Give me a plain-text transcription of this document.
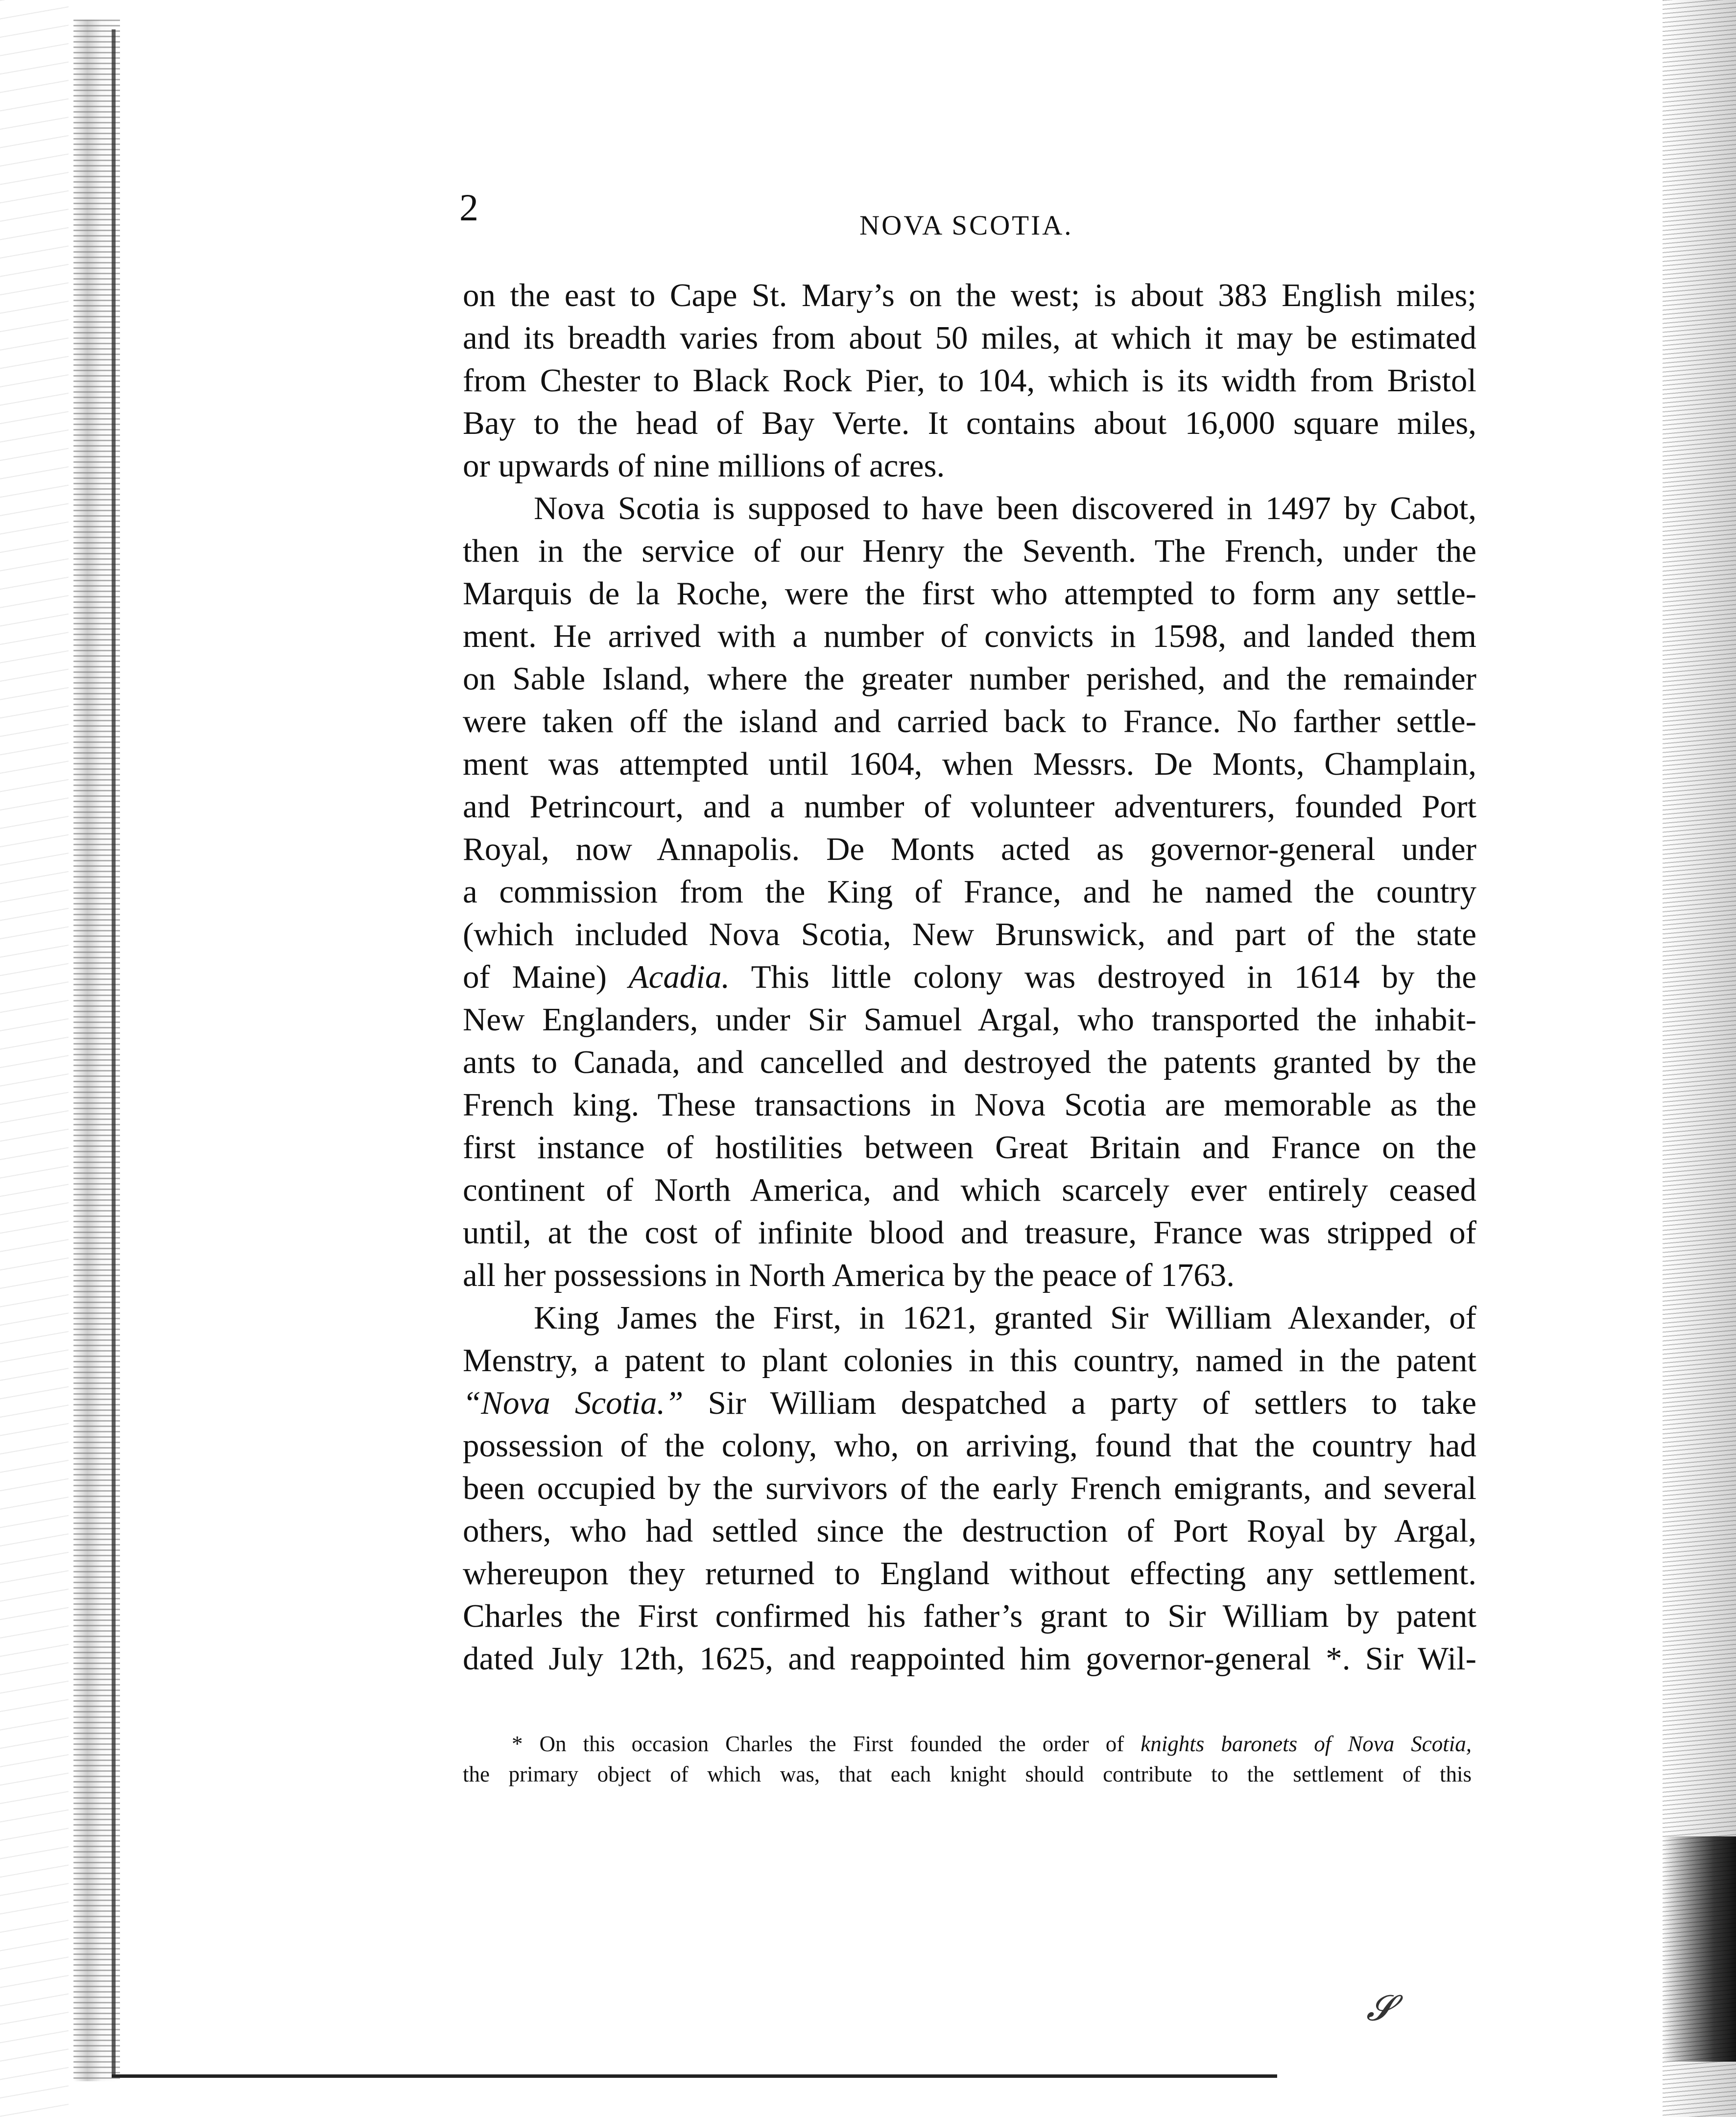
2	NOVA SCOTIA.
on the east to Cape St. Mary’s on the west; is about 383 English miles;
and its breadth varies from about 50 miles, at which it may be estimated
from Chester to Black Rock Pier, to 104, which is its width from Bristol
Bay to the head of Bay Verte. It contains about 16,000 square miles,
or upwards of nine millions of acres.
Nova Scotia is supposed to have been discovered in 1497 by Cabot,
then in the service of our Henry the Seventh. The French, under the
Marquis de la Roche, were the first who attempted to form any settle-
ment. He arrived with a number of convicts in 1598, and landed them
on Sable Island, where the greater number perished, and the remainder
were taken off the island and carried back to France. No farther settle-
ment was attempted until 1604, when Messrs. De Monts, Champlain,
and Petrincourt, and a number of volunteer adventurers, founded Port
Royal, now Annapolis. De Monts acted as governor-general under
a commission from the King of France, and he named the country
(which included Nova Scotia, New Brunswick, and part of the state
of Maine) Acadia. This little colony was destroyed in 1614 by the
New Englanders, under Sir Samuel Argal, who transported the inhabit-
ants to Canada, and cancelled and destroyed the patents granted by the
French king. These transactions in Nova Scotia are memorable as the
first instance of hostilities between Great Britain and France on the
continent of North America, and which scarcely ever entirely ceased
until, at the cost of infinite blood and treasure, France was stripped of
all her possessions in North America by the peace of 1763.
King James the First, in 1621, granted Sir William Alexander, of
Menstry, a patent to plant colonies in this country, named in the patent
“Nova Scotia.” Sir William despatched a party of settlers to take
possession of the colony, who, on arriving, found that the country had
been occupied by the survivors of the early French emigrants, and several
others, who had settled since the destruction of Port Royal by Argal,
whereupon they returned to England without effecting any settlement.
Charles the First confirmed his father’s grant to Sir William by patent
dated July 12th, 1625, and reappointed him governor-general *. Sir Wil-
* On this occasion Charles the First founded the order of knights baronets of Nova Scotia,
the primary object of which was, that each knight should contribute to the settlement of this
𝓢
